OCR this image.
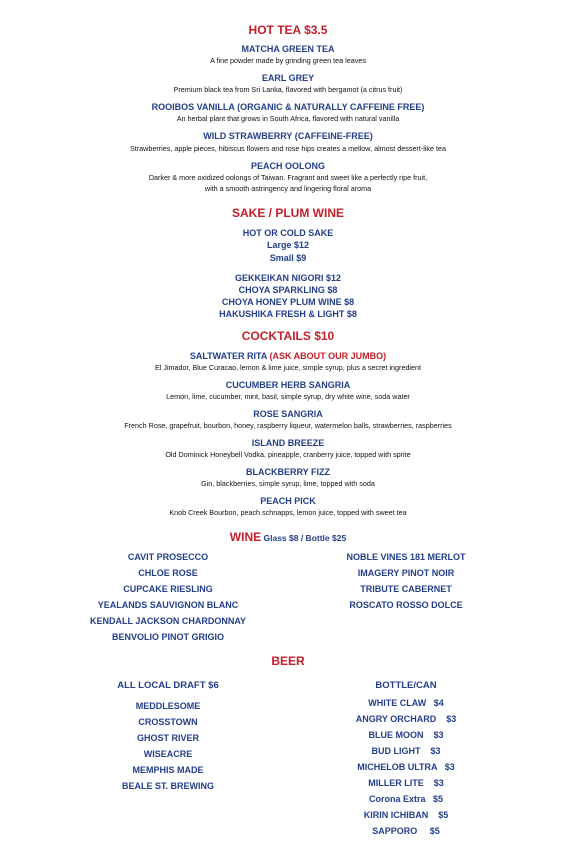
HOT TEA $3.5
MATCHA GREEN TEA
A fine powder made by grinding green tea leaves
EARL GREY
Premium black tea from Sri Lanka, flavored with bergamot (a citrus fruit)
ROOIBOS VANILLA (ORGANIC & NATURALLY CAFFEINE FREE)
An herbal plant that grows in South Africa, flavored with natural vanilla
WILD STRAWBERRY (CAFFEINE-FREE)
Strawberries, apple pieces, hibiscus flowers and rose hips creates a mellow, almost dessert-like tea
PEACH OOLONG
Darker & more oxidized oolongs of Taiwan. Fragrant and sweet like a perfectly ripe fruit,
with a smooth astringency and lingering floral aroma
SAKE / PLUM WINE
HOT OR COLD SAKE
Large $12
Small $9
GEKKEIKAN NIGORI $12
CHOYA SPARKLING $8
CHOYA HONEY PLUM WINE $8
HAKUSHIKA FRESH & LIGHT $8
COCKTAILS $10
SALTWATER RITA (ASK ABOUT OUR JUMBO)
El Jimador, Blue Curacao, lemon & lime juice, simple syrup, plus a secret ingredient
CUCUMBER HERB SANGRIA
Lemon, lime, cucumber, mint, basil, simple syrup, dry white wine, soda water
ROSE SANGRIA
French Rose, grapefruit, bourbon, honey, raspberry liqueur, watermelon balls, strawberries, raspberries
ISLAND BREEZE
Old Dominick Honeybell Vodka, pineapple, cranberry juice, topped with sprite
BLACKBERRY FIZZ
Gin, blackberries, simple syrup, lime, topped with soda
PEACH PICK
Knob Creek Bourbon, peach schnapps, lemon juice, topped with sweet tea
WINE Glass $8 / Bottle $25
CAVIT PROSECCO
CHLOE ROSE
CUPCAKE RIESLING
YEALANDS SAUVIGNON BLANC
KENDALL JACKSON CHARDONNAY
BENVOLIO PINOT GRIGIO
NOBLE VINES 181 MERLOT
IMAGERY PINOT NOIR
TRIBUTE CABERNET
ROSCATO ROSSO DOLCE
BEER
ALL LOCAL DRAFT $6
MEDDLESOME
CROSSTOWN
GHOST RIVER
WISEACRE
MEMPHIS MADE
BEALE ST. BREWING
BOTTLE/CAN
WHITE CLAW   $4
ANGRY ORCHARD    $3
BLUE MOON    $3
BUD LIGHT    $3
MICHELOB ULTRA   $3
MILLER LITE    $3
Corona Extra   $5
KIRIN ICHIBAN    $5
SAPPORO     $5
